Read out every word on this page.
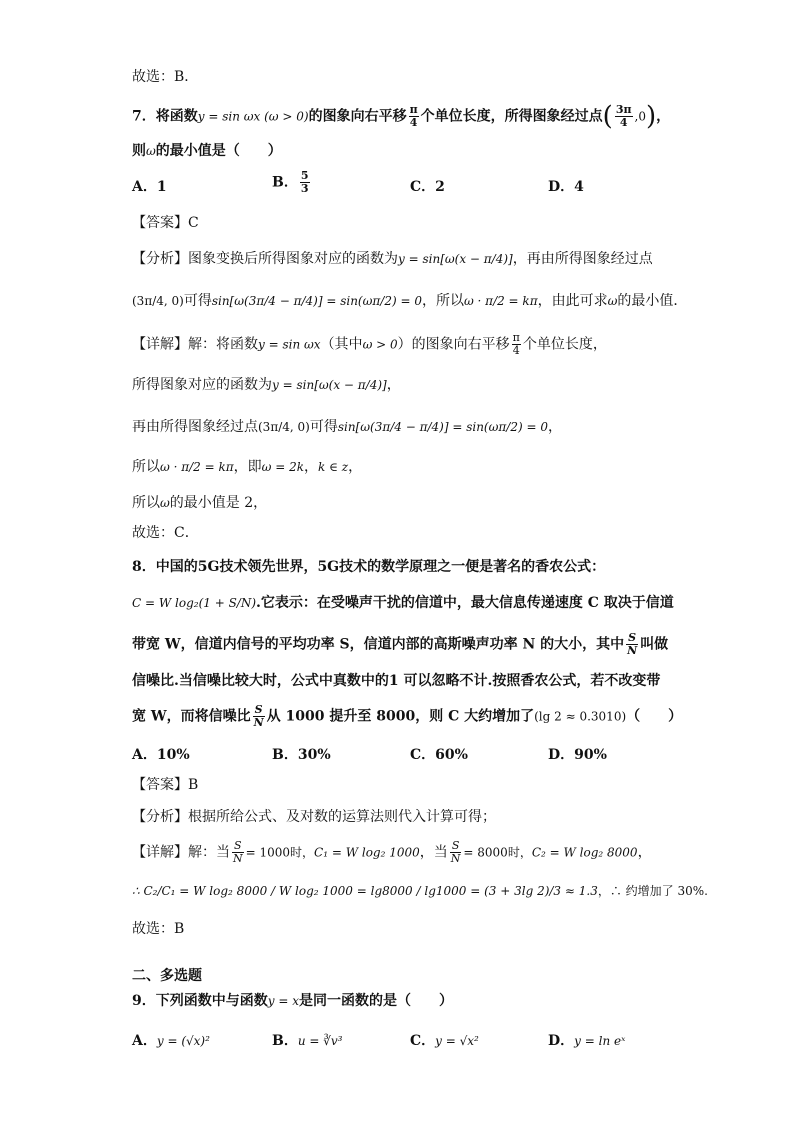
故选：B．
7．将函数y = sin ωx (ω > 0)的图象向右平移 $\frac{\pi}{4}$ 个单位长度，所得图象经过点( $\frac{3\pi}{4} ,0$)，
则ω的最小值是（　　）
A．1	B． $\frac{5}{3}$	C．2	D．4
【答案】C
【分析】图象变换后所得图象对应的函数为y = sin[ω(x − π/4)]，再由所得图象经过点
(3π/4, 0)可得sin[ω(3π/4 − π/4)] = sin(ωπ/2) = 0，所以ω · π/2 = kπ，由此可求ω的最小值．
【详解】解：将函数y = sin ωx（其中ω > 0）的图象向右平移 $\frac{\pi}{4}$ 个单位长度，
所得图象对应的函数为y = sin[ω(x − π/4)]，
再由所得图象经过点(3π/4, 0)可得sin[ω(3π/4 − π/4)] = sin(ωπ/2) = 0，
所以ω · π/2 = kπ，即ω = 2k，k ∈ z，
所以ω的最小值是 2，
故选：C．
8．中国的5G技术领先世界，5G技术的数学原理之一便是著名的香农公式：
C = W log₂(1 + S/N).它表示：在受噪声干扰的信道中，最大信息传递速度 C 取决于信道
带宽 W，信道内信号的平均功率 S，信道内部的高斯噪声功率 N 的大小，其中 $\frac{S}{N}$ 叫做
信噪比.当信噪比较大时，公式中真数中的1 可以忽略不计.按照香农公式，若不改变带
宽 W，而将信噪比 $\frac{S}{N}$ 从 1000 提升至 8000，则 C 大约增加了(lg 2 ≈ 0.3010)（　　）
A．10%	B．30%	C．60%	D．90%
【答案】B
【分析】根据所给公式、及对数的运算法则代入计算可得；
【详解】解：当 $\frac{S}{N} = 1000$时，C₁ = W log₂ 1000，当 $\frac{S}{N} = 8000$时，C₂ = W log₂ 8000，
∴ C₂/C₁ = W log₂ 8000 / W log₂ 1000 = lg8000 / lg1000 = (3 + 3lg 2)/3 ≈ 1.3，∴ 约增加了 30%.
故选：B
二、多选题
9．下列函数中与函数y = x是同一函数的是（　　）
A．y = (√x)²	B．u = ∛v³	C．y = √x²	D．y = ln eˣ
